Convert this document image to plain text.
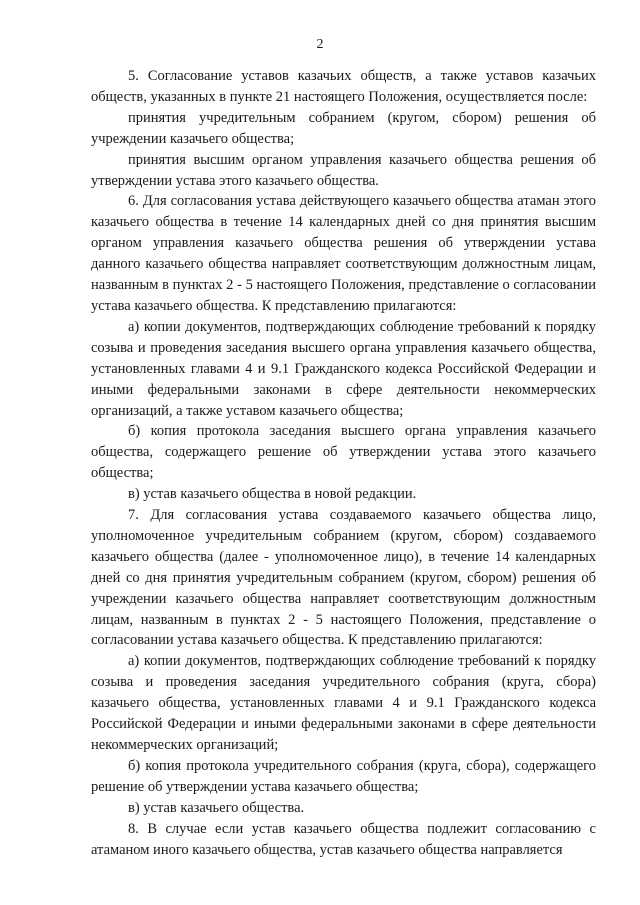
2

5. Согласование уставов казачьих обществ, а также уставов казачьих обществ, указанных в пункте 21 настоящего Положения, осуществляется после:

принятия учредительным собранием (кругом, сбором) решения об учреждении казачьего общества;

принятия высшим органом управления казачьего общества решения об утверждении устава этого казачьего общества.

6. Для согласования устава действующего казачьего общества атаман этого казачьего общества в течение 14 календарных дней со дня принятия высшим органом управления казачьего общества решения об утверждении устава данного казачьего общества направляет соответствующим должностным лицам, названным в пунктах 2 - 5 настоящего Положения, представление о согласовании устава казачьего общества. К представлению прилагаются:

а) копии документов, подтверждающих соблюдение требований к порядку созыва и проведения заседания высшего органа управления казачьего общества, установленных главами 4 и 9.1 Гражданского кодекса Российской Федерации и иными федеральными законами в сфере деятельности некоммерческих организаций, а также уставом казачьего общества;

б) копия протокола заседания высшего органа управления казачьего общества, содержащего решение об утверждении устава этого казачьего общества;

в) устав казачьего общества в новой редакции.

7. Для согласования устава создаваемого казачьего общества лицо, уполномоченное учредительным собранием (кругом, сбором) создаваемого казачьего общества (далее - уполномоченное лицо), в течение 14 календарных дней со дня принятия учредительным собранием (кругом, сбором) решения об учреждении казачьего общества направляет соответствующим должностным лицам, названным в пунктах 2 - 5 настоящего Положения, представление о согласовании устава казачьего общества. К представлению прилагаются:

а) копии документов, подтверждающих соблюдение требований к порядку созыва и проведения заседания учредительного собрания (круга, сбора) казачьего общества, установленных главами 4 и 9.1 Гражданского кодекса Российской Федерации и иными федеральными законами в сфере деятельности некоммерческих организаций;

б) копия протокола учредительного собрания (круга, сбора), содержащего решение об утверждении устава казачьего общества;

в) устав казачьего общества.

8. В случае если устав казачьего общества подлежит согласованию с атаманом иного казачьего общества, устав казачьего общества направляется
